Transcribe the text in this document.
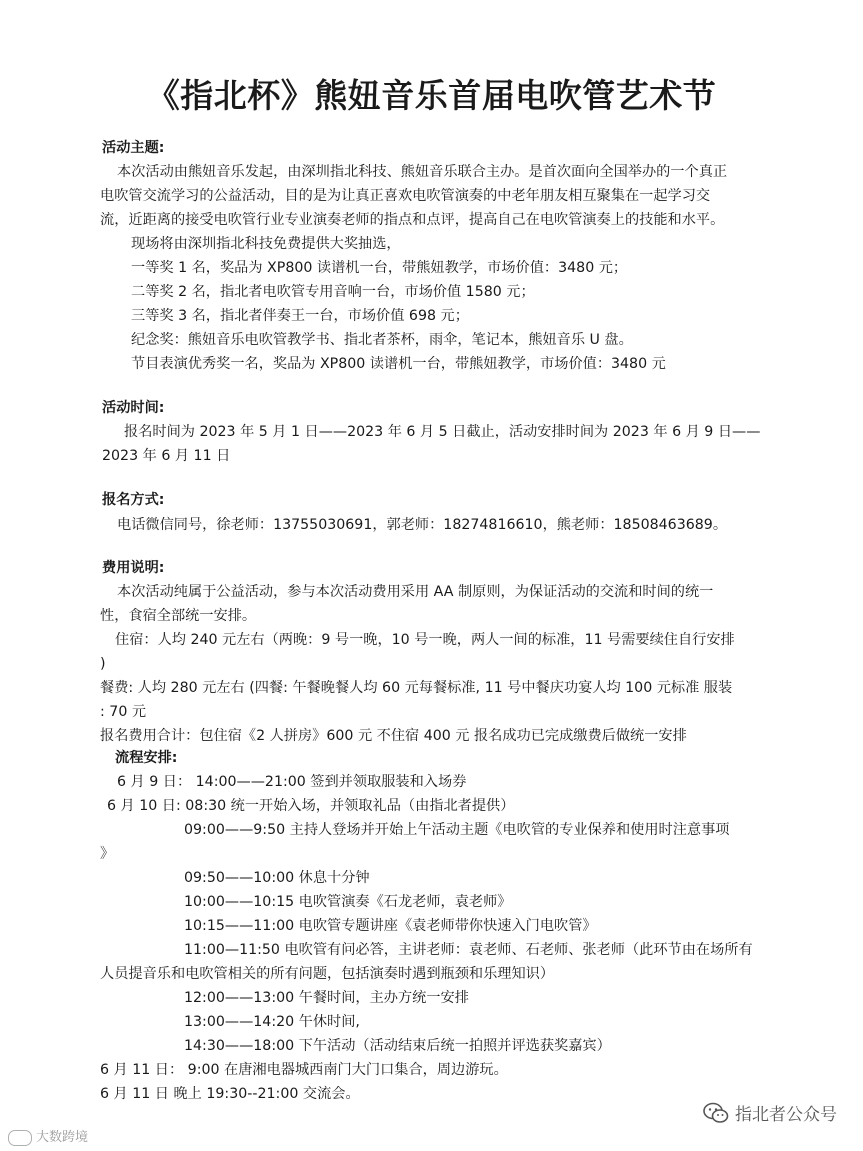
《指北杯》熊妞音乐首届电吹管艺术节
活动主题:
本次活动由熊妞音乐发起，由深圳指北科技、熊妞音乐联合主办。是首次面向全国举办的一个真正
电吹管交流学习的公益活动，目的是为让真正喜欢电吹管演奏的中老年朋友相互聚集在一起学习交
流，近距离的接受电吹管行业专业演奏老师的指点和点评，提高自己在电吹管演奏上的技能和水平。
现场将由深圳指北科技免费提供大奖抽选，
一等奖 1 名，奖品为 XP800 读谱机一台，带熊妞教学，市场价值：3480 元；
二等奖 2 名，指北者电吹管专用音响一台，市场价值 1580 元；
三等奖 3 名，指北者伴奏王一台，市场价值 698 元；
纪念奖：熊妞音乐电吹管教学书、指北者茶杯，雨伞，笔记本，熊妞音乐 U 盘。
节目表演优秀奖一名，奖品为 XP800 读谱机一台，带熊妞教学，市场价值：3480 元
活动时间:
报名时间为 2023 年 5 月 1 日——2023 年 6 月 5 日截止，活动安排时间为 2023 年 6 月 9 日——
2023 年 6 月 11 日
报名方式:
电话微信同号，徐老师：13755030691，郭老师：18274816610，熊老师：18508463689。
费用说明:
本次活动纯属于公益活动，参与本次活动费用采用 AA 制原则，为保证活动的交流和时间的统一
性，食宿全部统一安排。
住宿：人均 240 元左右（两晚：9 号一晚，10 号一晚，两人一间的标准，11 号需要续住自行安排
)
餐费: 人均 280 元左右 (四餐: 午餐晚餐人均 60 元每餐标准, 11 号中餐庆功宴人均 100 元标准 服装
: 70 元
报名费用合计：包住宿《2 人拼房》600 元 不住宿 400 元 报名成功已完成缴费后做统一安排
流程安排:
6 月 9 日： 14:00——21:00 签到并领取服装和入场券
6 月 10 日: 08:30 统一开始入场，并领取礼品（由指北者提供）
09:00——9:50 主持人登场并开始上午活动主题《电吹管的专业保养和使用时注意事项
》
09:50——10:00 休息十分钟
10:00——10:15 电吹管演奏《石龙老师，袁老师》
10:15——11:00 电吹管专题讲座《袁老师带你快速入门电吹管》
11:00—11:50 电吹管有问必答，主讲老师：袁老师、石老师、张老师（此环节由在场所有
人员提音乐和电吹管相关的所有问题，包括演奏时遇到瓶颈和乐理知识）
12:00——13:00 午餐时间，主办方统一安排
13:00——14:20 午休时间,
14:30——18:00 下午活动（活动结束后统一拍照并评选获奖嘉宾）
6 月 11 日： 9:00 在唐湘电器城西南门大门口集合，周边游玩。
6 月 11 日 晚上 19:30--21:00 交流会。
指北者公众号
大数跨境
